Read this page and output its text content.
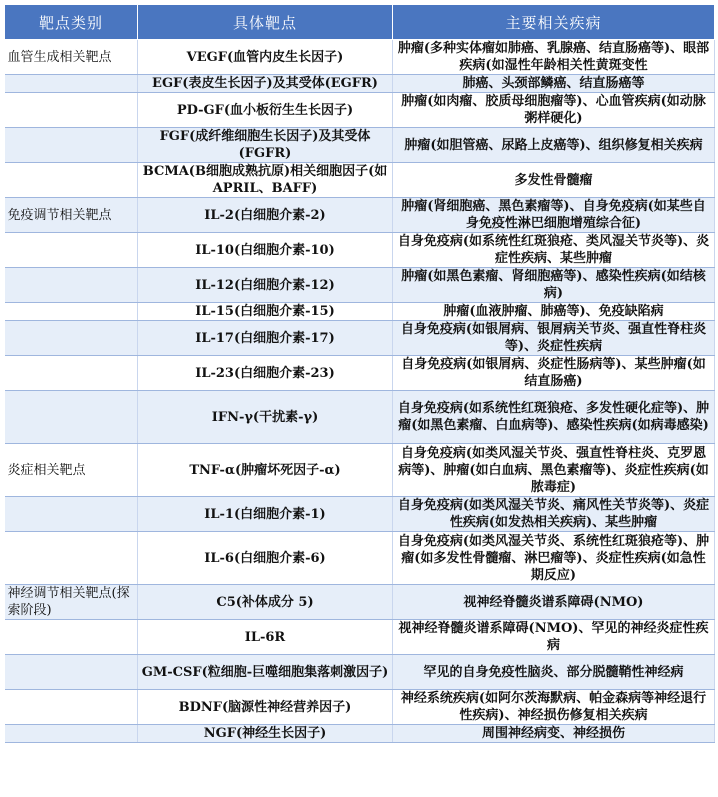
靶点类别	具体靶点	主要相关疾病
血管生成相关靶点	VEGF(血管内皮生长因子)	肿瘤(多种实体瘤如肺癌、乳腺癌、结直肠癌等)、眼部疾病(如湿性年龄相关性黄斑变性
	EGF(表皮生长因子)及其受体(EGFR)	肺癌、头颈部鳞癌、结直肠癌等
	PD-GF(血小板衍生生长因子)	肿瘤(如肉瘤、胶质母细胞瘤等)、心血管疾病(如动脉粥样硬化)
	FGF(成纤维细胞生长因子)及其受体(FGFR)	肿瘤(如胆管癌、尿路上皮癌等)、组织修复相关疾病
	BCMA(B细胞成熟抗原)相关细胞因子(如 APRIL、BAFF)	多发性骨髓瘤
免疫调节相关靶点	IL-2(白细胞介素-2)	肿瘤(肾细胞癌、黑色素瘤等)、自身免疫病(如某些自身免疫性淋巴细胞增殖综合征)
	IL-10(白细胞介素-10)	自身免疫病(如系统性红斑狼疮、类风湿关节炎等)、炎症性疾病、某些肿瘤
	IL-12(白细胞介素-12)	肿瘤(如黑色素瘤、肾细胞癌等)、感染性疾病(如结核病)
	IL-15(白细胞介素-15)	肿瘤(血液肿瘤、肺癌等)、免疫缺陷病
	IL-17(白细胞介素-17)	自身免疫病(如银屑病、银屑病关节炎、强直性脊柱炎等)、炎症性疾病
	IL-23(白细胞介素-23)	自身免疫病(如银屑病、炎症性肠病等)、某些肿瘤(如结直肠癌)
	IFN-γ(干扰素-γ)	自身免疫病(如系统性红斑狼疮、多发性硬化症等)、肿瘤(如黑色素瘤、白血病等)、感染性疾病(如病毒感染)
炎症相关靶点	TNF-α(肿瘤坏死因子-α)	自身免疫病(如类风湿关节炎、强直性脊柱炎、克罗恩病等)、肿瘤(如白血病、黑色素瘤等)、炎症性疾病(如脓毒症)
	IL-1(白细胞介素-1)	自身免疫病(如类风湿关节炎、痛风性关节炎等)、炎症性疾病(如发热相关疾病)、某些肿瘤
	IL-6(白细胞介素-6)	自身免疫病(如类风湿关节炎、系统性红斑狼疮等)、肿瘤(如多发性骨髓瘤、淋巴瘤等)、炎症性疾病(如急性期反应)
神经调节相关靶点(探索阶段)	C5(补体成分 5)	视神经脊髓炎谱系障碍(NMO)
	IL-6R	视神经脊髓炎谱系障碍(NMO)、罕见的神经炎症性疾病
	GM-CSF(粒细胞-巨噬细胞集落刺激因子)	罕见的自身免疫性脑炎、部分脱髓鞘性神经病
	BDNF(脑源性神经营养因子)	神经系统疾病(如阿尔茨海默病、帕金森病等神经退行性疾病)、神经损伤修复相关疾病
	NGF(神经生长因子)	周围神经病变、神经损伤
